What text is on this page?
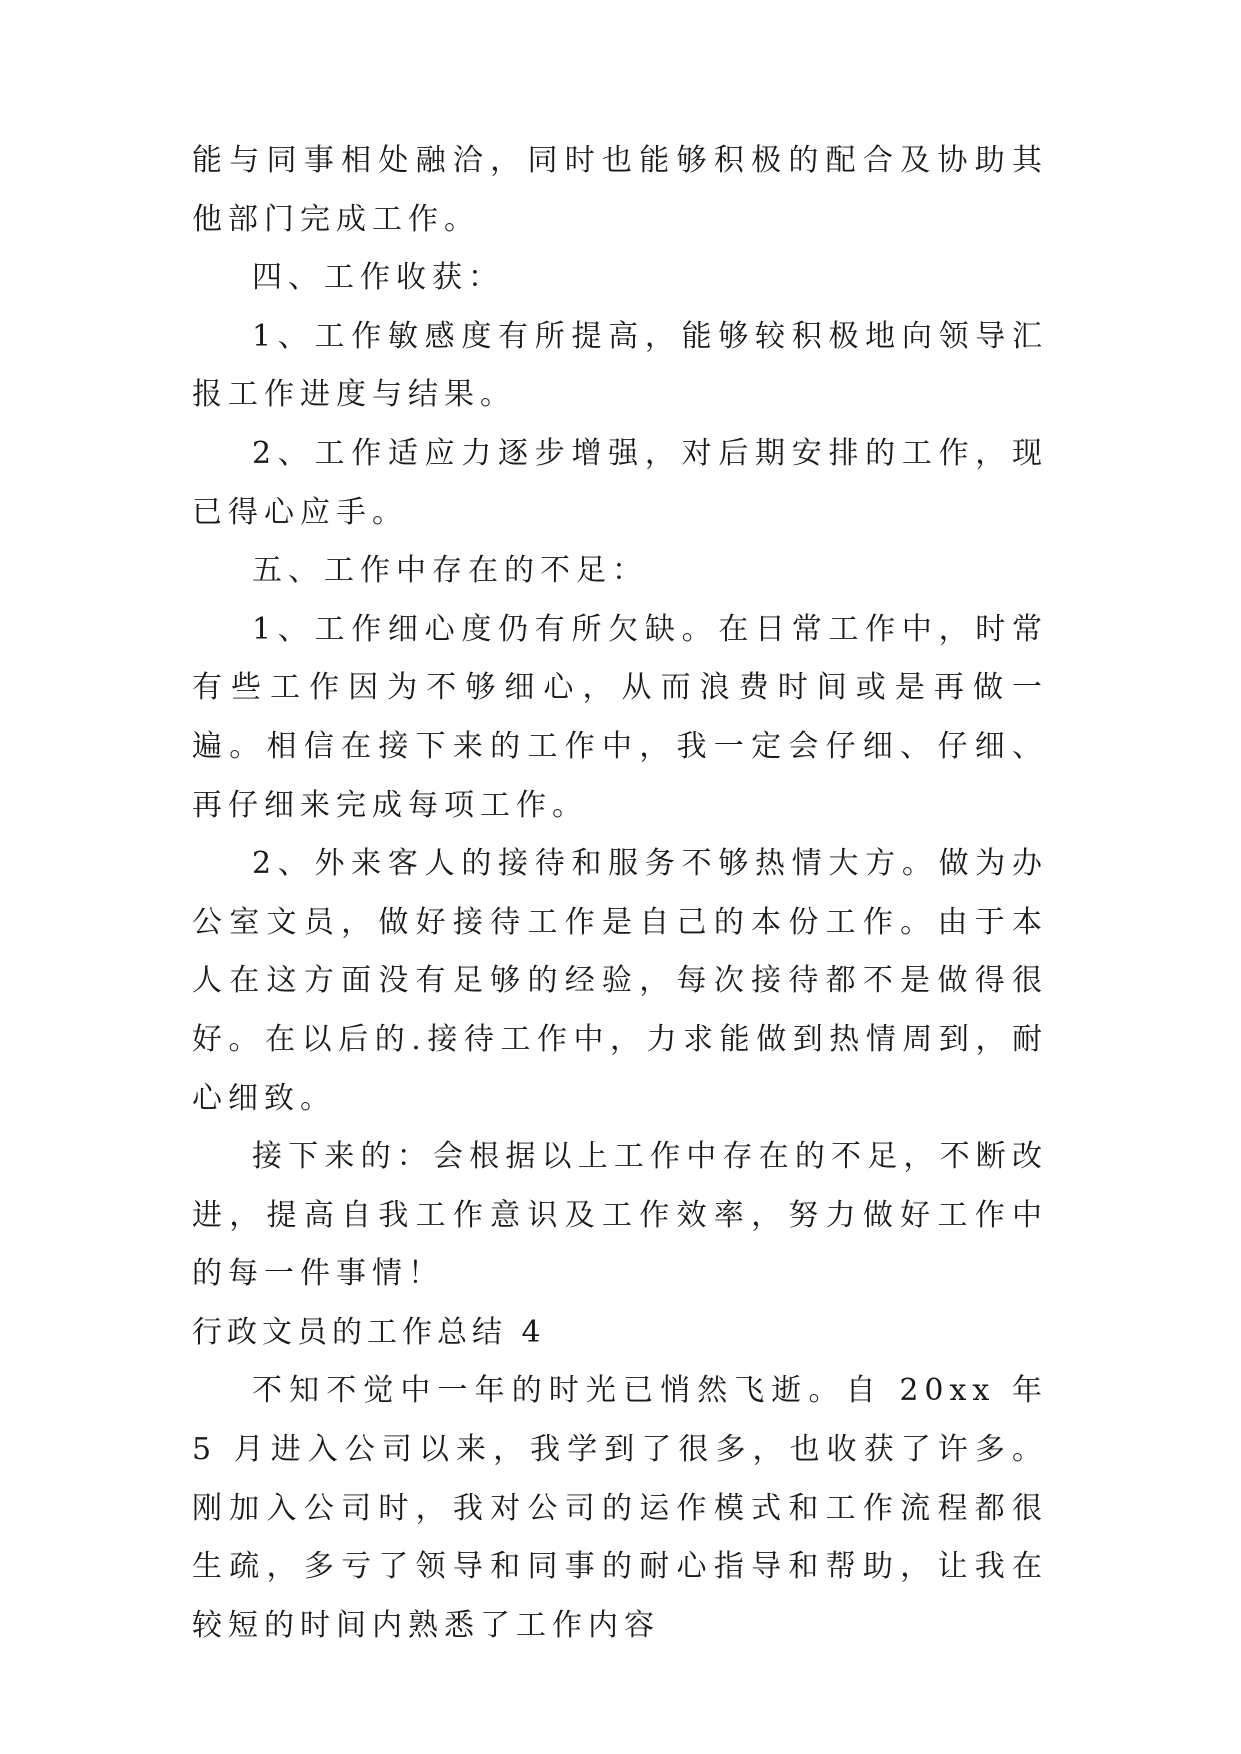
能与同事相处融洽，同时也能够积极的配合及协助其他部门完成工作。

四、工作收获：

1、工作敏感度有所提高，能够较积极地向领导汇报工作进度与结果。

2、工作适应力逐步增强，对后期安排的工作，现已得心应手。

五、工作中存在的不足：

1、工作细心度仍有所欠缺。在日常工作中，时常有些工作因为不够细心，从而浪费时间或是再做一遍。相信在接下来的工作中，我一定会仔细、仔细、再仔细来完成每项工作。

2、外来客人的接待和服务不够热情大方。做为办公室文员，做好接待工作是自己的本份工作。由于本人在这方面没有足够的经验，每次接待都不是做得很好。在以后的.接待工作中，力求能做到热情周到，耐心细致。

接下来的：会根据以上工作中存在的不足，不断改进，提高自我工作意识及工作效率，努力做好工作中的每一件事情！

行政文员的工作总结 4

不知不觉中一年的时光已悄然飞逝。自 20xx 年 5 月进入公司以来，我学到了很多，也收获了许多。刚加入公司时，我对公司的运作模式和工作流程都很生疏，多亏了领导和同事的耐心指导和帮助，让我在较短的时间内熟悉了工作内容
